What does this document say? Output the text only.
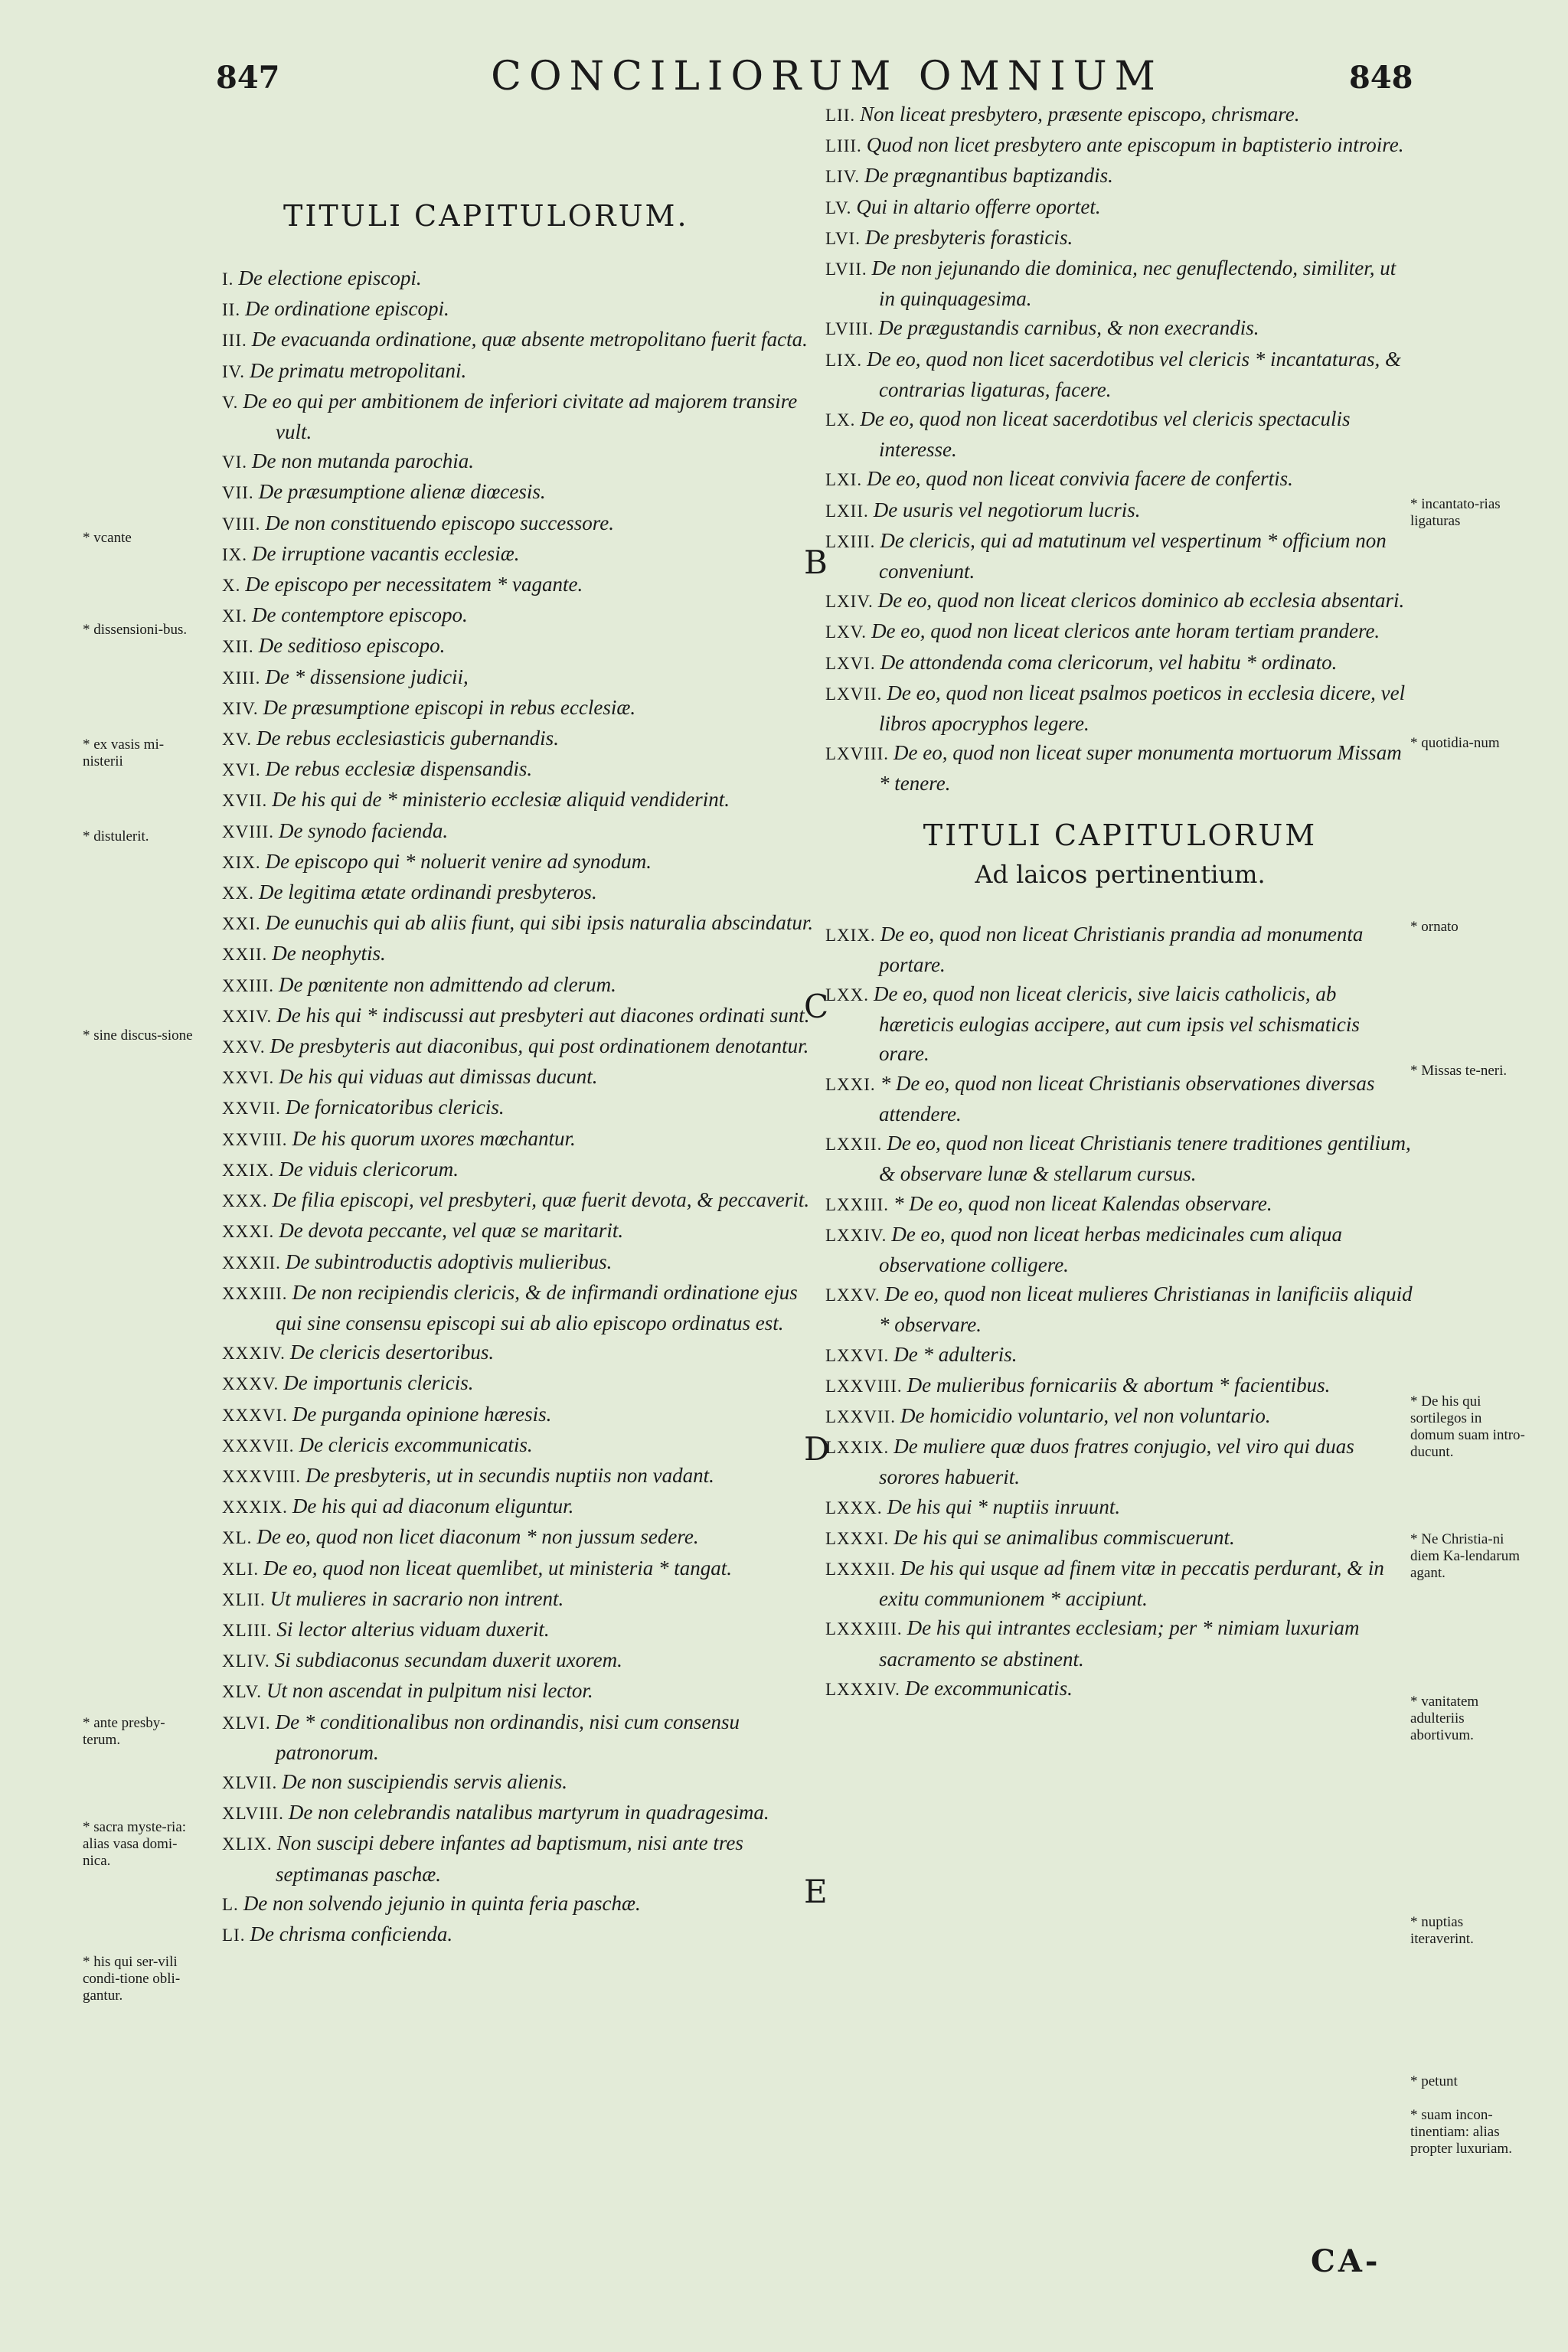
847	CONCILIORUM OMNIUM	848
TITULI CAPITULORUM.
I. De electione episcopi.
II. De ordinatione episcopi.
III. De evacuanda ordinatione, quæ absente metropolitano fuerit facta.
IV. De primatu metropolitani.
V. De eo qui per ambitionem de inferiori civitate ad majorem transire vult.
VI. De non mutanda parochia.
VII. De præsumptione alienæ diœcesis.
VIII. De non constituendo episcopo successore.
IX. De irruptione vacantis ecclesiæ.
X. De episcopo per necessitatem * vagante.
XI. De contemptore episcopo.
XII. De seditioso episcopo.
XIII. De * dissensione judicii,
XIV. De præsumptione episcopi in rebus ecclesiæ.
XV. De rebus ecclesiasticis gubernandis.
XVI. De rebus ecclesiæ dispensandis.
XVII. De his qui de * ministerio ecclesiæ aliquid vendiderint.
XVIII. De synodo facienda.
XIX. De episcopo qui * noluerit venire ad synodum.
XX. De legitima ætate ordinandi presbyteros.
XXI. De eunuchis qui ab aliis fiunt, qui sibi ipsis naturalia abscindatur.
XXII. De neophytis.
XXIII. De pœnitente non admittendo ad clerum.
XXIV. De his qui * indiscussi aut presbyteri aut diacones ordinati sunt.
XXV. De presbyteris aut diaconibus, qui post ordinationem denotantur.
XXVI. De his qui viduas aut dimissas ducunt.
XXVII. De fornicatoribus clericis.
XXVIII. De his quorum uxores mœchantur.
XXIX. De viduis clericorum.
XXX. De filia episcopi, vel presbyteri, quæ fuerit devota, & peccaverit.
XXXI. De devota peccante, vel quæ se maritarit.
XXXII. De subintroductis adoptivis mulieribus.
XXXIII. De non recipiendis clericis, & de infirmandi ordinatione ejus qui sine consensu episcopi sui ab alio episcopo ordinatus est.
XXXIV. De clericis desertoribus.
XXXV. De importunis clericis.
XXXVI. De purganda opinione hæresis.
XXXVII. De clericis excommunicatis.
XXXVIII. De presbyteris, ut in secundis nuptiis non vadant.
XXXIX. De his qui ad diaconum eliguntur.
XL. De eo, quod non licet diaconum * non jussum sedere.
XLI. De eo, quod non liceat quemlibet, ut ministeria * tangat.
XLII. Ut mulieres in sacrario non intrent.
XLIII. Si lector alterius viduam duxerit.
XLIV. Si subdiaconus secundam duxerit uxorem.
XLV. Ut non ascendat in pulpitum nisi lector.
XLVI. De * conditionalibus non ordinandis, nisi cum consensu patronorum.
XLVII. De non suscipiendis servis alienis.
XLVIII. De non celebrandis natalibus martyrum in quadragesima.
XLIX. Non suscipi debere infantes ad baptismum, nisi ante tres septimanas paschæ.
L. De non solvendo jejunio in quinta feria paschæ.
LI. De chrisma conficienda.
LII. Non liceat presbytero, præsente episcopo, chrismare.
LIII. Quod non licet presbytero ante episcopum in baptisterio introire.
LIV. De prægnantibus baptizandis.
LV. Qui in altario offerre oportet.
LVI. De presbyteris forasticis.
LVII. De non jejunando die dominica, nec genuflectendo, similiter, ut in quinquagesima.
LVIII. De prægustandis carnibus, & non execrandis.
LIX. De eo, quod non licet sacerdotibus vel clericis * incantaturas, & contrarias ligaturas, facere.
LX. De eo, quod non liceat sacerdotibus vel clericis spectaculis interesse.
LXI. De eo, quod non liceat convivia facere de confertis.
LXII. De usuris vel negotiorum lucris.
LXIII. De clericis, qui ad matutinum vel vespertinum * officium non conveniunt.
LXIV. De eo, quod non liceat clericos dominico ab ecclesia absentari.
LXV. De eo, quod non liceat clericos ante horam tertiam prandere.
LXVI. De attondenda coma clericorum, vel habitu * ordinato.
LXVII. De eo, quod non liceat psalmos poeticos in ecclesia dicere, vel libros apocryphos legere.
LXVIII. De eo, quod non liceat super monumenta mortuorum Missam * tenere.
TITULI CAPITULORUM
Ad laicos pertinentium.
LXIX. De eo, quod non liceat Christianis prandia ad monumenta portare.
LXX. De eo, quod non liceat clericis, sive laicis catholicis, ab hæreticis eulogias accipere, aut cum ipsis vel schismaticis orare.
LXXI. * De eo, quod non liceat Christianis observationes diversas attendere.
LXXII. De eo, quod non liceat Christianis tenere traditiones gentilium, & observare lunæ & stellarum cursus.
LXXIII. * De eo, quod non liceat Kalendas observare.
LXXIV. De eo, quod non liceat herbas medicinales cum aliqua observatione colligere.
LXXV. De eo, quod non liceat mulieres Christianas in lanificiis aliquid * observare.
LXXVI. De * adulteris.
LXXVIII. De mulieribus fornicariis & abortum * facientibus.
LXXVII. De homicidio voluntario, vel non voluntario.
LXXIX. De muliere quæ duos fratres conjugio, vel viro qui duas sorores habuerit.
LXXX. De his qui * nuptiis inruunt.
LXXXI. De his qui se animalibus commiscuerunt.
LXXXII. De his qui usque ad finem vitæ in peccatis perdurant, & in exitu communionem * accipiunt.
LXXXIII. De his qui intrantes ecclesiam; per * nimiam luxuriam sacramento se abstinent.
LXXXIV. De excommunicatis.
* vcante
* dissensioni-bus.
* ex vasis mi-nisterii
* distulerit.
* sine discus-sione
* ante presby-terum.
* sacra myste-ria: alias vasa domi-nica.
* his qui ser-vili condi-tione obli-gantur.
* incantato-rias ligaturas
* quotidia-num
* ornato
* Missas te-neri.
* De his qui sortilegos in domum suam intro-ducunt.
* Ne Christia-ni diem Ka-lendarum agant.
* vanitatem adulteriis abortivum.
* nuptias iteraverint.
* petunt
* suam incon-tinentiam: alias propter luxuriam.
B
C
D
E
CA-
